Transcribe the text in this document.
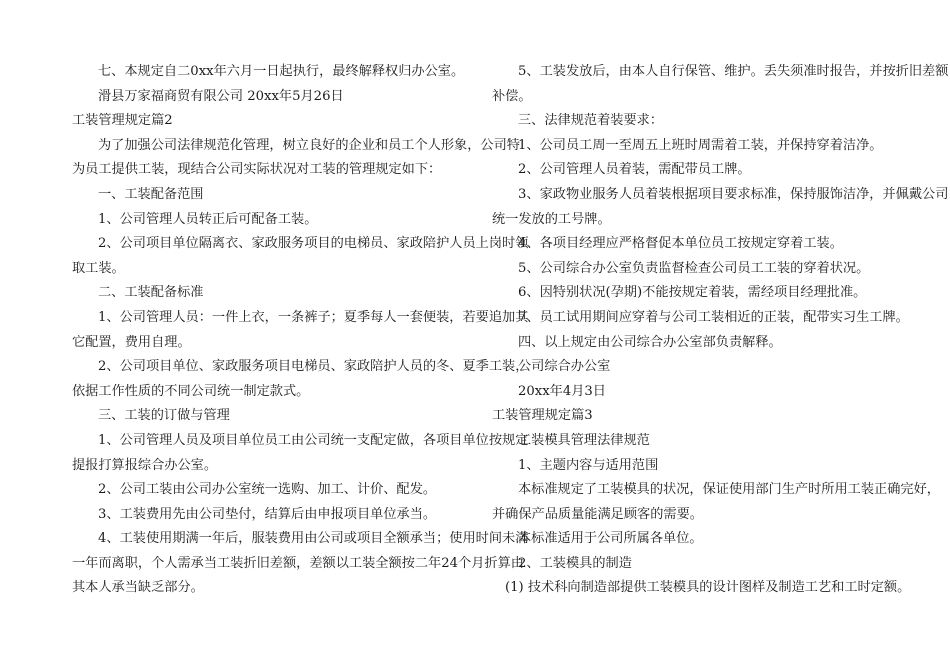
七、本规定自二0xx年六月一日起执行，最终解释权归办公室。

滑县万家福商贸有限公司 20xx年5月26日

工装管理规定篇2

为了加强公司法律规范化管理，树立良好的企业和员工个人形象，公司特

为员工提供工装，现结合公司实际状况对工装的管理规定如下：

一、工装配备范围

1、公司管理人员转正后可配备工装。

2、公司项目单位隔离衣、家政服务项目的电梯员、家政陪护人员上岗时领

取工装。

二、工装配备标准

1、公司管理人员：一件上衣，一条裤子；夏季每人一套便装，若要追加其

它配置，费用自理。

2、公司项目单位、家政服务项目电梯员、家政陪护人员的冬、夏季工装，

依据工作性质的不同公司统一制定款式。

三、工装的订做与管理

1、公司管理人员及项目单位员工由公司统一支配定做，各项目单位按规定

提报打算报综合办公室。

2、公司工装由公司办公室统一选购、加工、计价、配发。

3、工装费用先由公司垫付，结算后由申报项目单位承当。

4、工装使用期满一年后，服装费用由公司或项目全额承当；使用时间未满

一年而离职，个人需承当工装折旧差额，差额以工装全额按二年24个月折算由

其本人承当缺乏部分。

5、工装发放后，由本人自行保管、维护。丢失须准时报告，并按折旧差额

补偿。

三、法律规范着装要求：

1、公司员工周一至周五上班时周需着工装，并保持穿着洁净。

2、公司管理人员着装，需配带员工牌。

3、家政物业服务人员着装根据项目要求标准，保持服饰洁净，并佩戴公司

统一发放的工号牌。

4、各项目经理应严格督促本单位员工按规定穿着工装。

5、公司综合办公室负责监督检查公司员工工装的穿着状况。

6、因特别状况(孕期)不能按规定着装，需经项目经理批准。

7、员工试用期间应穿着与公司工装相近的正装，配带实习生工牌。

四、以上规定由公司综合办公室部负责解释。

公司综合办公室

20xx年4月3日

工装管理规定篇3

工装模具管理法律规范

1、主题内容与适用范围

本标准规定了工装模具的状况，保证使用部门生产时所用工装正确完好，

并确保产品质量能满足顾客的需要。

本标准适用于公司所属各单位。

2、工装模具的制造

(1) 技术科向制造部提供工装模具的设计图样及制造工艺和工时定额。
